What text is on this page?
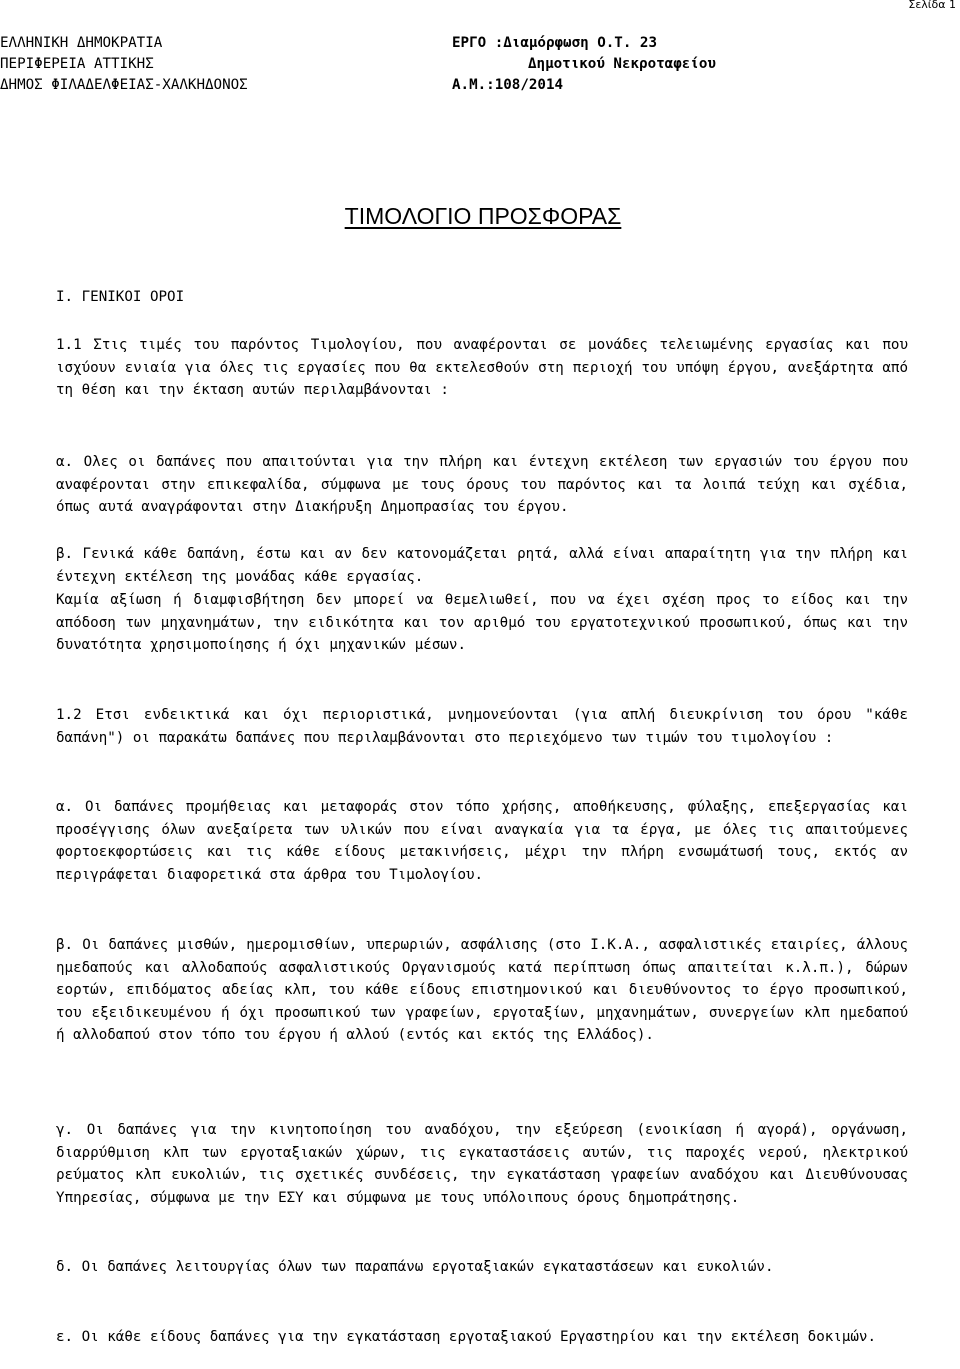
Σελίδα 1
ΕΛΛΗΝΙΚΗ ΔΗΜΟΚΡΑΤΙΑ
ΠΕΡΙΦΕΡΕΙΑ ΑΤΤΙΚΗΣ
ΔΗΜΟΣ ΦΙΛΑΔΕΛΦΕΙΑΣ-ΧΑΛΚΗΔΟΝΟΣ
ΕΡΓΟ :Διαμόρφωση Ο.Τ. 23
Δημοτικού Νεκροταφείου
Α.Μ.:108/2014
ΤΙΜΟΛΟΓΙΟ ΠΡΟΣΦΟΡΑΣ
Ι. ΓΕΝΙΚΟΙ ΟΡΟΙ
1.1 Στις τιμές του παρόντος Τιμολογίου, που αναφέρονται σε μονάδες τελειωμένης εργασίας και που ισχύουν ενιαία για όλες τις εργασίες που θα εκτελεσθούν στη περιοχή του υπόψη έργου, ανεξάρτητα από τη θέση και την έκταση αυτών περιλαμβάνονται :
α. Ολες οι δαπάνες που απαιτούνται για την πλήρη και έντεχνη εκτέλεση των εργασιών του έργου που αναφέρονται στην επικεφαλίδα, σύμφωνα με τους όρους του παρόντος και τα λοιπά τεύχη και σχέδια, όπως αυτά αναγράφονται στην Διακήρυξη Δημοπρασίας του έργου.
β. Γενικά κάθε δαπάνη, έστω και αν δεν κατονομάζεται ρητά, αλλά είναι απαραίτητη για την πλήρη και έντεχνη εκτέλεση της μονάδας κάθε εργασίας.
Καμία αξίωση ή διαμφισβήτηση δεν μπορεί να θεμελιωθεί, που να έχει σχέση προς το είδος και την απόδοση των μηχανημάτων, την ειδικότητα και τον αριθμό του εργατοτεχνικού προσωπικού, όπως και την δυνατότητα χρησιμοποίησης ή όχι μηχανικών μέσων.
1.2 Ετσι ενδεικτικά και όχι περιοριστικά, μνημονεύονται (για απλή διευκρίνιση του όρου "κάθε δαπάνη") οι παρακάτω δαπάνες που περιλαμβάνονται στο περιεχόμενο των τιμών του τιμολογίου :
α. Οι δαπάνες προμήθειας και μεταφοράς στον τόπο χρήσης, αποθήκευσης, φύλαξης, επεξεργασίας και προσέγγισης όλων ανεξαίρετα των υλικών που είναι αναγκαία για τα έργα, με όλες τις απαιτούμενες φορτοεκφορτώσεις και τις κάθε είδους μετακινήσεις, μέχρι την πλήρη ενσωμάτωσή τους, εκτός αν περιγράφεται διαφορετικά στα άρθρα του Τιμολογίου.
β. Οι δαπάνες μισθών, ημερομισθίων, υπερωριών, ασφάλισης (στο Ι.Κ.Α., ασφαλιστικές εταιρίες, άλλους ημεδαπούς και αλλοδαπούς ασφαλιστικούς Οργανισμούς κατά περίπτωση όπως απαιτείται κ.λ.π.), δώρων εορτών, επιδόματος αδείας κλπ, του κάθε είδους επιστημονικού και διευθύνοντος το έργο προσωπικού, του εξειδικευμένου ή όχι προσωπικού των γραφείων, εργοταξίων, μηχανημάτων, συνεργείων κλπ ημεδαπού ή αλλοδαπού στον τόπο του έργου ή αλλού (εντός και εκτός της Ελλάδος).
γ. Οι δαπάνες για την κινητοποίηση του αναδόχου, την εξεύρεση (ενοικίαση ή αγορά), οργάνωση, διαρρύθμιση κλπ των εργοταξιακών χώρων, τις εγκαταστάσεις αυτών, τις παροχές νερού, ηλεκτρικού ρεύματος κλπ ευκολιών, τις σχετικές συνδέσεις, την εγκατάσταση γραφείων αναδόχου και Διευθύνουσας Υπηρεσίας, σύμφωνα με την ΕΣΥ και σύμφωνα με τους υπόλοιπους όρους δημοπράτησης.
δ. Οι δαπάνες λειτουργίας όλων των παραπάνω εργοταξιακών εγκαταστάσεων και ευκολιών.
ε. Οι κάθε είδους δαπάνες για την εγκατάσταση εργοταξιακού Εργαστηρίου και την εκτέλεση δοκιμών.
